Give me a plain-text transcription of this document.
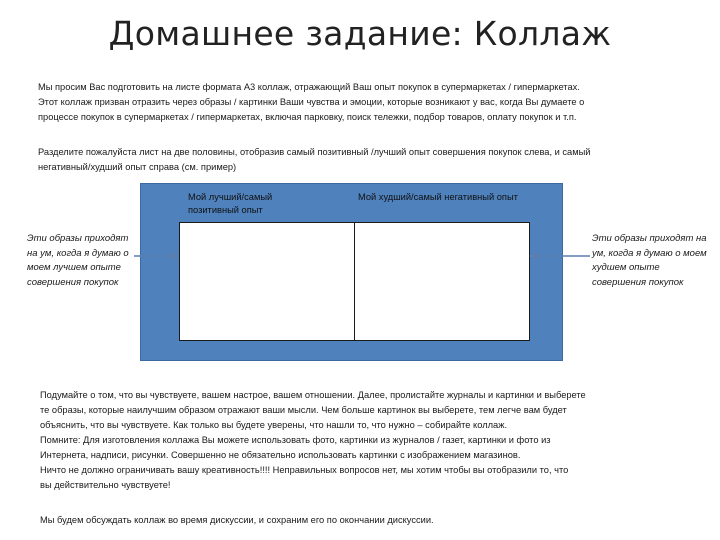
Домашнее задание: Коллаж
Мы просим Вас подготовить на листе формата А3 коллаж, отражающий Ваш опыт покупок в супермаркетах / гипермаркетах.
Этот коллаж призван отразить через образы / картинки Ваши чувства и эмоции, которые возникают у вас, когда Вы думаете о
процессе покупок в супермаркетах / гипермаркетах, включая парковку, поиск тележки, подбор товаров, оплату покупок и т.п.
Разделите пожалуйста лист на две половины, отобразив самый позитивный /лучший опыт совершения покупок слева, и самый
негативный/худший опыт справа (см. пример)

Мой лучший/самый позитивный опыт

Мой худший/самый негативный опыт

Эти образы приходят на ум, когда я думаю о моем лучшем опыте совершения покупок

Эти образы приходят на ум, когда я думаю о моем худшем опыте совершения покупок

Подумайте о том, что вы чувствуете, вашем настрое, вашем отношении. Далее, пролистайте журналы и картинки и выберете
те образы, которые наилучшим образом отражают ваши мысли. Чем больше картинок вы выберете, тем легче вам будет
объяснить, что вы чувствуете. Как только вы будете уверены, что нашли то, что нужно – собирайте коллаж.
Помните: Для изготовления коллажа Вы можете использовать фото, картинки из журналов / газет, картинки и фото из
Интернета, надписи, рисунки. Совершенно не обязательно использовать картинки с изображением магазинов.
Ничто не должно ограничивать вашу креативность!!!! Неправильных вопросов нет, мы хотим чтобы вы отобразили то, что
вы действительно чувствуете!
Мы будем обсуждать коллаж во время дискуссии, и сохраним его по окончании дискуссии.
